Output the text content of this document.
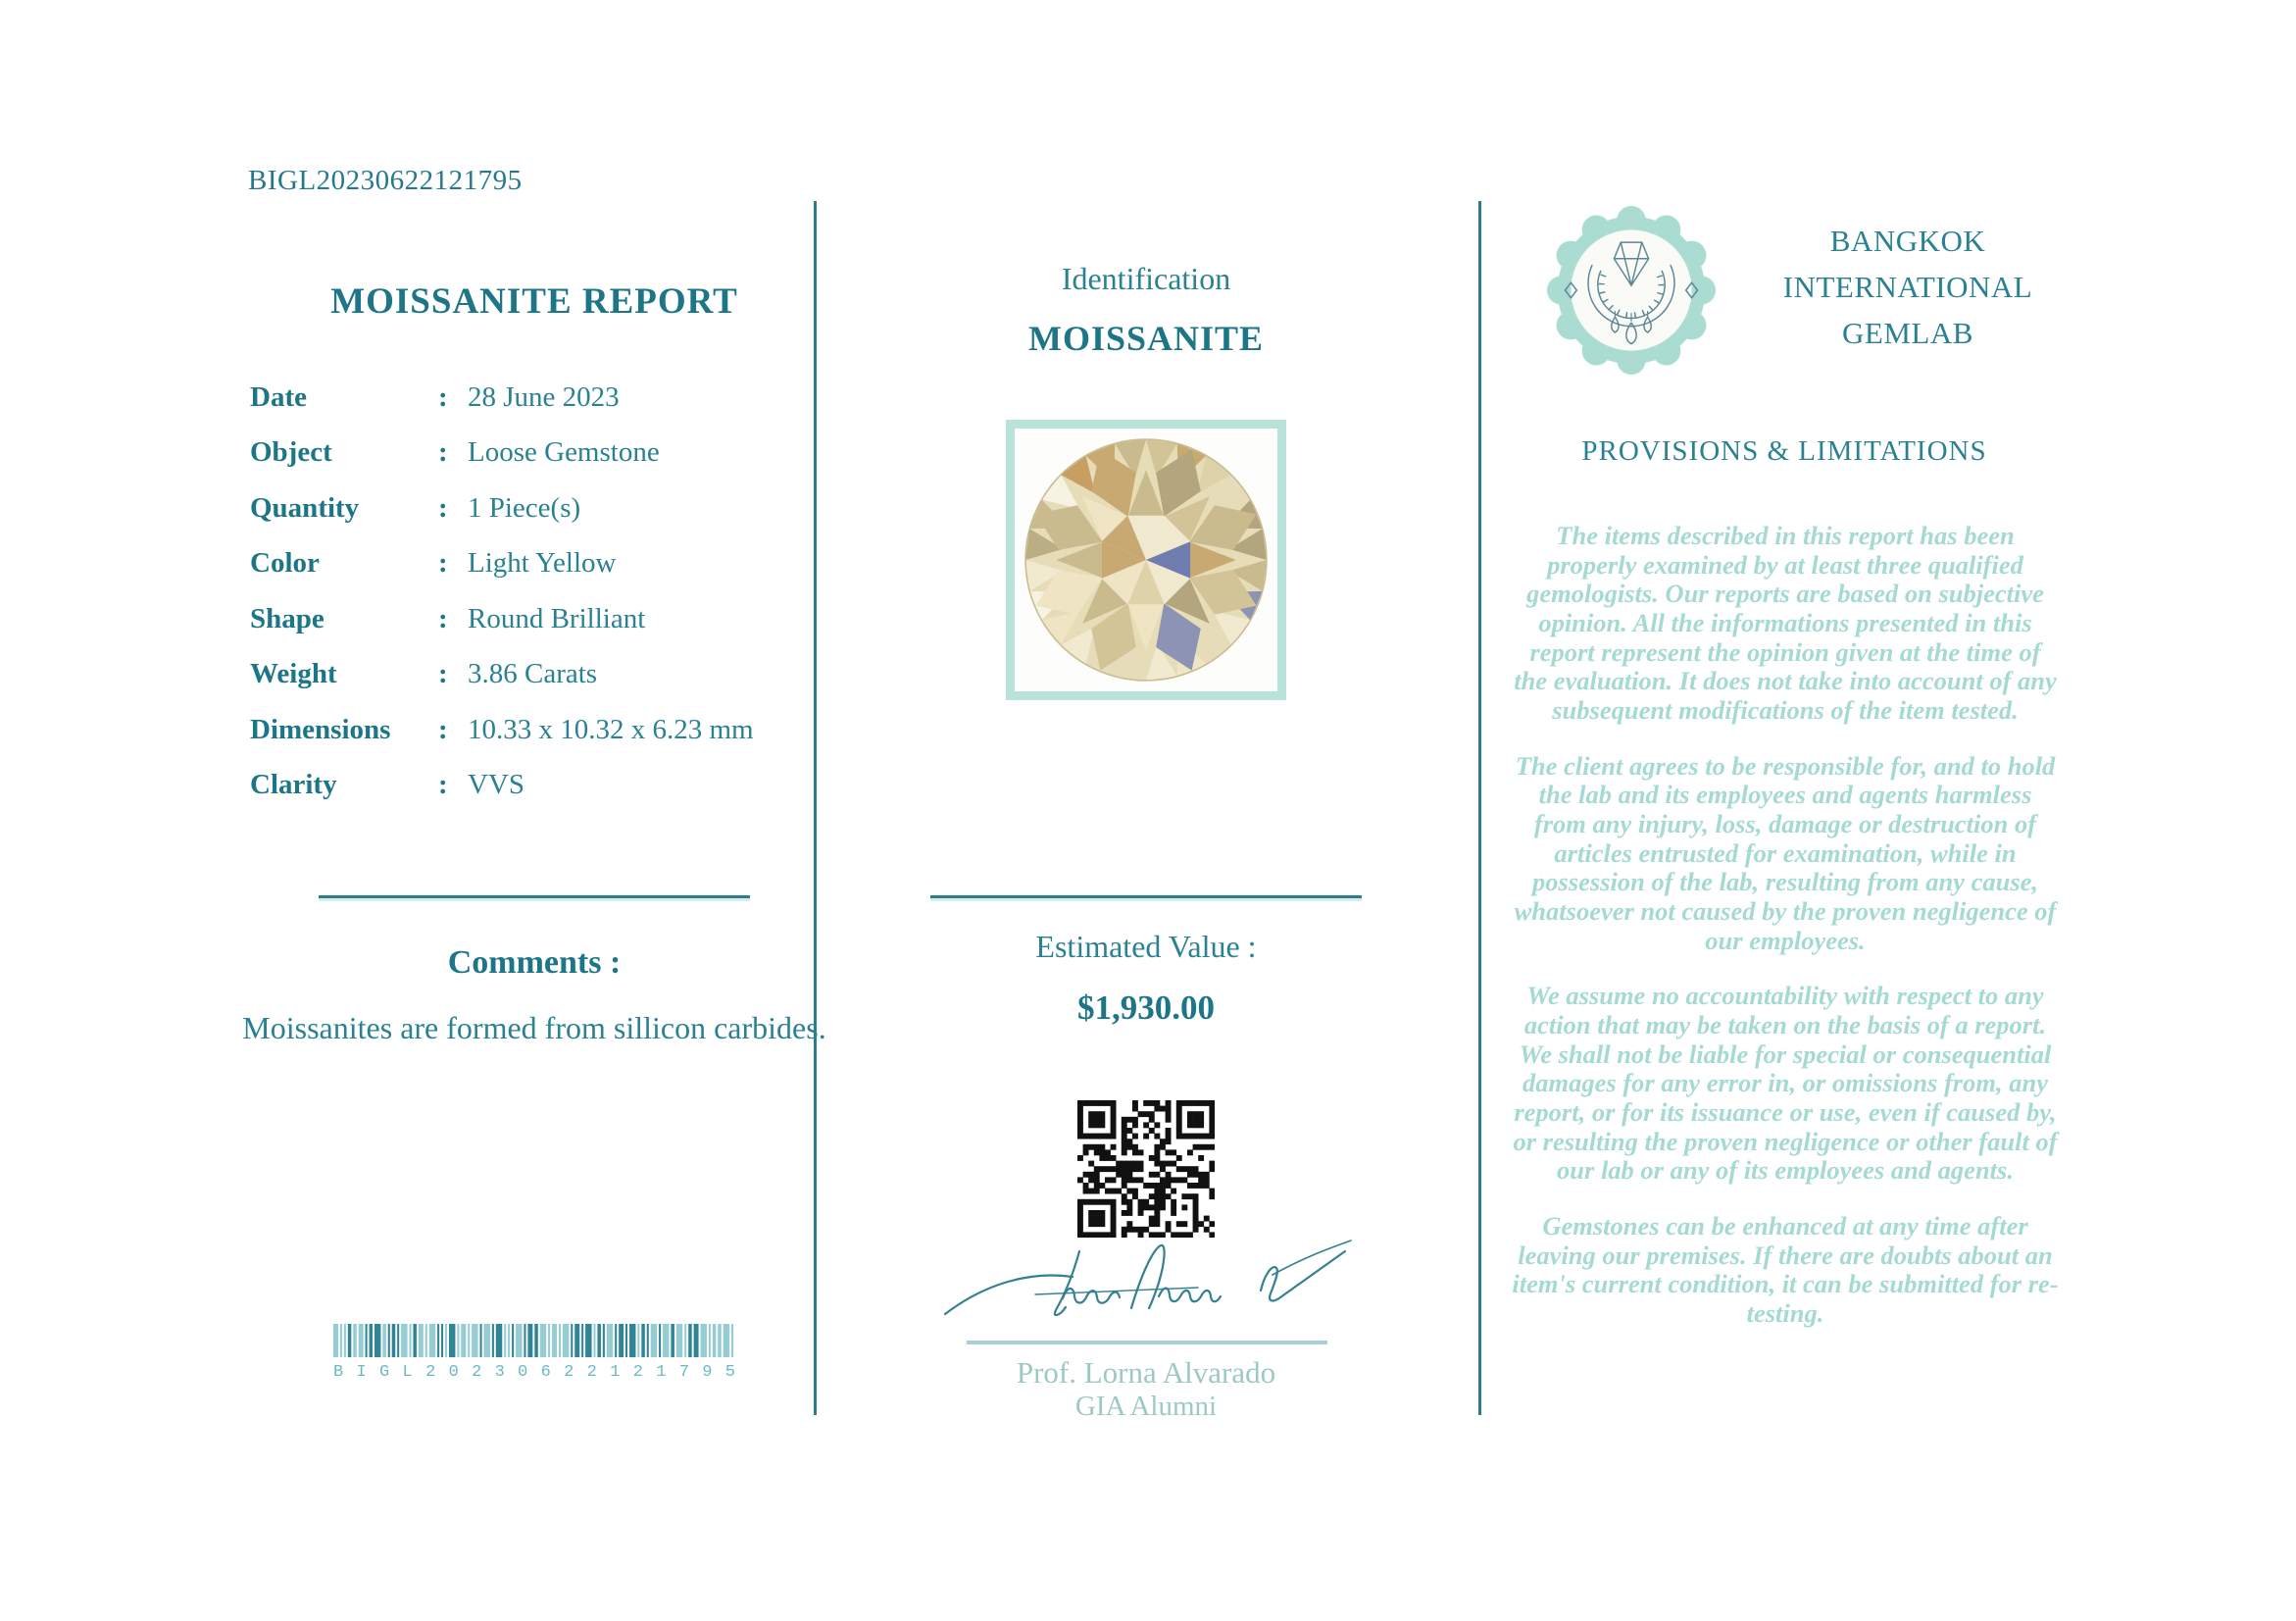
BIGL20230622121795
MOISSANITE REPORT
Date	: 28 June 2023
Object	: Loose Gemstone
Quantity	: 1 Piece(s)
Color	: Light Yellow
Shape	: Round Brilliant
Weight	: 3.86 Carats
Dimensions	: 10.33 x 10.32 x 6.23 mm
Clarity	: VVS
Comments :
Moissanites are formed from sillicon carbides.
B I G L 2 0 2 3 0 6 2 2 1 2 1 7 9 5
Identification
MOISSANITE
Estimated Value :
$1,930.00
Prof. Lorna Alvarado
GIA Alumni
BANGKOK
INTERNATIONAL
GEMLAB
PROVISIONS & LIMITATIONS

The items described in this report has been properly examined by at least three qualified gemologists. Our reports are based on subjective opinion. All the informations presented in this report represent the opinion given at the time of the evaluation. It does not take into account of any subsequent modifications of the item tested.

The client agrees to be responsible for, and to hold the lab and its employees and agents harmless from any injury, loss, damage or destruction of articles entrusted for examination, while in possession of the lab, resulting from any cause, whatsoever not caused by the proven negligence of our employees.

We assume no accountability with respect to any action that may be taken on the basis of a report. We shall not be liable for special or consequential damages for any error in, or omissions from, any report, or for its issuance or use, even if caused by, or resulting the proven negligence or other fault of our lab or any of its employees and agents.

Gemstones can be enhanced at any time after leaving our premises. If there are doubts about an item's current condition, it can be submitted for re-testing.
